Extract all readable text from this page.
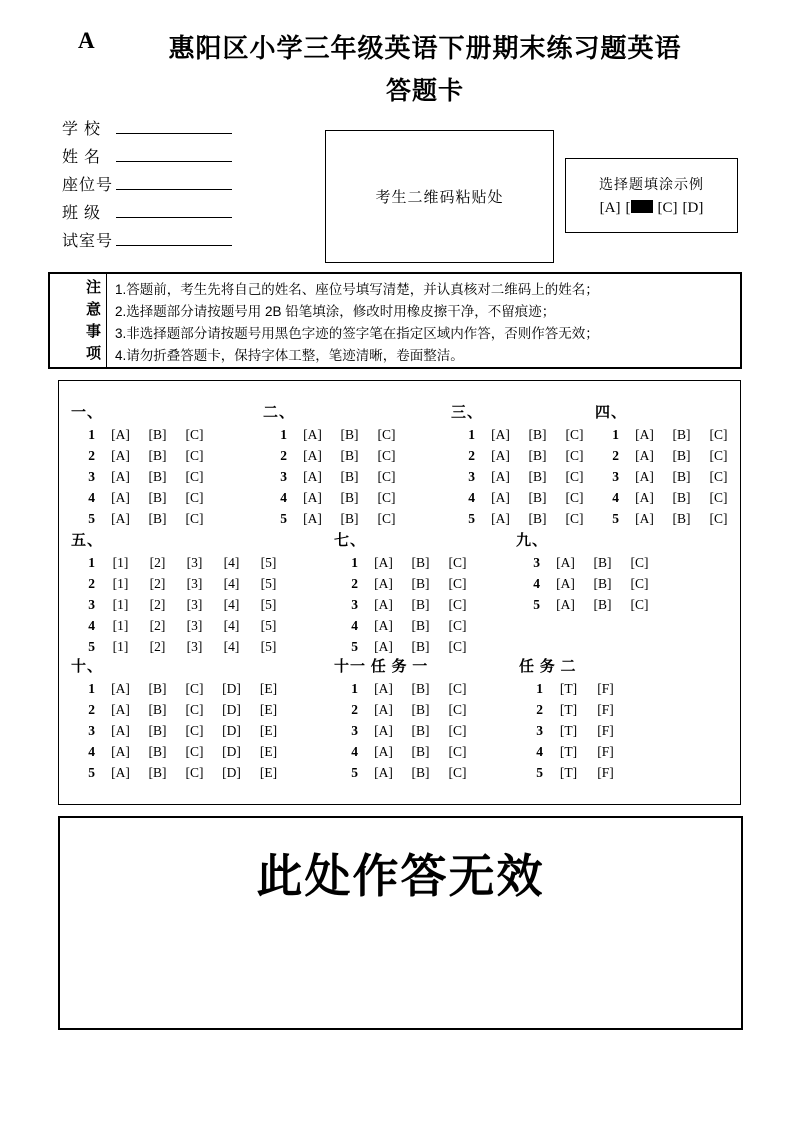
A	惠阳区小学三年级英语下册期末练习题英语
答题卡
学 校
姓 名
座位号
班 级
试室号
考生二维码粘贴处
选择题填涂示例
[A] [	[C] [D]
注
意
事
项
1.答题前，考生先将自己的姓名、座位号填写清楚，并认真核对二维码上的姓名；
2.选择题部分请按题号用 2B 铅笔填涂，修改时用橡皮擦干净，不留痕迹；
3.非选择题部分请按题号用黑色字迹的签字笔在指定区域内作答，否则作答无效；
4.请勿折叠答题卡，保持字体工整，笔迹清晰，卷面整洁。
一、
1	[A]	[B]	[C]
2	[A]	[B]	[C]
3	[A]	[B]	[C]
4	[A]	[B]	[C]
5	[A]	[B]	[C]
二、
1	[A]	[B]	[C]
2	[A]	[B]	[C]
3	[A]	[B]	[C]
4	[A]	[B]	[C]
5	[A]	[B]	[C]
三、
1	[A]	[B]	[C]
2	[A]	[B]	[C]
3	[A]	[B]	[C]
4	[A]	[B]	[C]
5	[A]	[B]	[C]
四、
1	[A]	[B]	[C]
2	[A]	[B]	[C]
3	[A]	[B]	[C]
4	[A]	[B]	[C]
5	[A]	[B]	[C]
五、
1	[1]	[2]	[3]	[4]	[5]
2	[1]	[2]	[3]	[4]	[5]
3	[1]	[2]	[3]	[4]	[5]
4	[1]	[2]	[3]	[4]	[5]
5	[1]	[2]	[3]	[4]	[5]
七、
1	[A]	[B]	[C]
2	[A]	[B]	[C]
3	[A]	[B]	[C]
4	[A]	[B]	[C]
5	[A]	[B]	[C]
九、
3	[A]	[B]	[C]
4	[A]	[B]	[C]
5	[A]	[B]	[C]
十、
1	[A]	[B]	[C]	[D]	[E]
2	[A]	[B]	[C]	[D]	[E]
3	[A]	[B]	[C]	[D]	[E]
4	[A]	[B]	[C]	[D]	[E]
5	[A]	[B]	[C]	[D]	[E]
十一 任 务 一
1	[A]	[B]	[C]
2	[A]	[B]	[C]
3	[A]	[B]	[C]
4	[A]	[B]	[C]
5	[A]	[B]	[C]
任 务 二
1	[T]	[F]
2	[T]	[F]
3	[T]	[F]
4	[T]	[F]
5	[T]	[F]
此处作答无效
